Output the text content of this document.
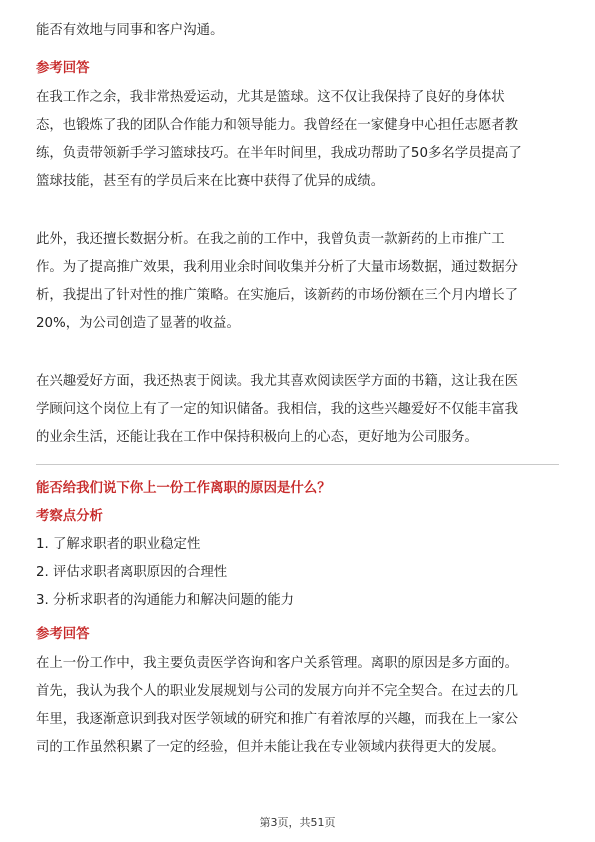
能否有效地与同事和客户沟通。
参考回答
在我工作之余，我非常热爱运动，尤其是篮球。这不仅让我保持了良好的身体状
态，也锻炼了我的团队合作能力和领导能力。我曾经在一家健身中心担任志愿者教
练，负责带领新手学习篮球技巧。在半年时间里，我成功帮助了50多名学员提高了
篮球技能，甚至有的学员后来在比赛中获得了优异的成绩。
此外，我还擅长数据分析。在我之前的工作中，我曾负责一款新药的上市推广工
作。为了提高推广效果，我利用业余时间收集并分析了大量市场数据，通过数据分
析，我提出了针对性的推广策略。在实施后，该新药的市场份额在三个月内增长了
20%，为公司创造了显著的收益。
在兴趣爱好方面，我还热衷于阅读。我尤其喜欢阅读医学方面的书籍，这让我在医
学顾问这个岗位上有了一定的知识储备。我相信，我的这些兴趣爱好不仅能丰富我
的业余生活，还能让我在工作中保持积极向上的心态，更好地为公司服务。
能否给我们说下你上一份工作离职的原因是什么？
考察点分析
1. 了解求职者的职业稳定性
2. 评估求职者离职原因的合理性
3. 分析求职者的沟通能力和解决问题的能力
参考回答
在上一份工作中，我主要负责医学咨询和客户关系管理。离职的原因是多方面的。
首先，我认为我个人的职业发展规划与公司的发展方向并不完全契合。在过去的几
年里，我逐渐意识到我对医学领域的研究和推广有着浓厚的兴趣，而我在上一家公
司的工作虽然积累了一定的经验，但并未能让我在专业领域内获得更大的发展。
第3页，共51页
